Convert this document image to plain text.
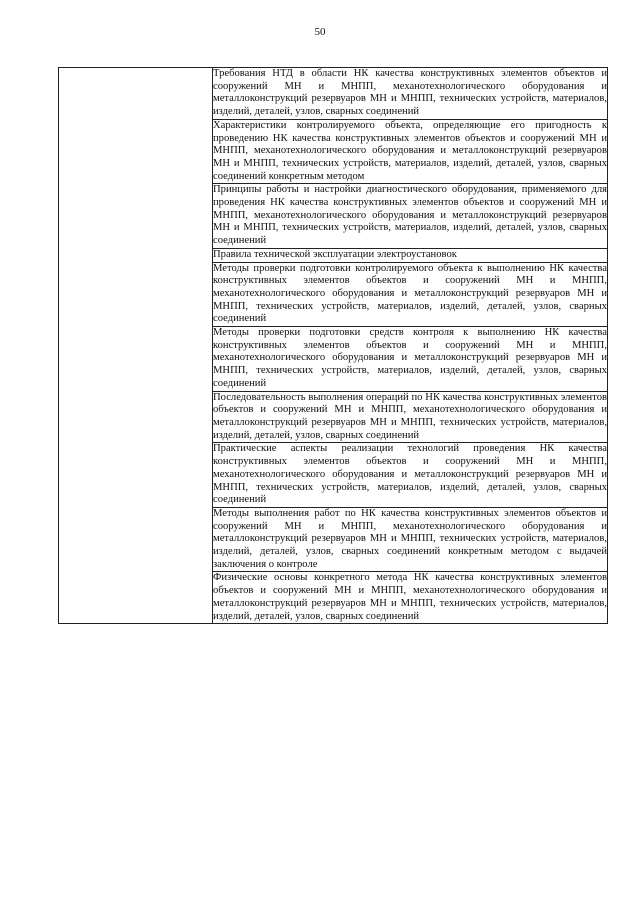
50

Требования НТД в области НК качества конструктивных элементов объектов и сооружений МН и МНПП, механотехнологического оборудования и металлоконструкций резервуаров МН и МНПП, технических устройств, материалов, изделий, деталей, узлов, сварных соединений

Характеристики контролируемого объекта, определяющие его пригодность к проведению НК качества конструктивных элементов объектов и сооружений МН и МНПП, механотехнологического оборудования и металлоконструкций резервуаров МН и МНПП, технических устройств, материалов, изделий, деталей, узлов, сварных соединений конкретным методом

Принципы работы и настройки диагностического оборудования, применяемого для проведения НК качества конструктивных элементов объектов и сооружений МН и МНПП, механотехнологического оборудования и металлоконструкций резервуаров МН и МНПП, технических устройств, материалов, изделий, деталей, узлов, сварных соединений

Правила технической эксплуатации электроустановок

Методы проверки подготовки контролируемого объекта к выполнению НК качества конструктивных элементов объектов и сооружений МН и МНПП, механотехнологического оборудования и металлоконструкций резервуаров МН и МНПП, технических устройств, материалов, изделий, деталей, узлов, сварных соединений

Методы проверки подготовки средств контроля к выполнению НК качества конструктивных элементов объектов и сооружений МН и МНПП, механотехнологического оборудования и металлоконструкций резервуаров МН и МНПП, технических устройств, материалов, изделий, деталей, узлов, сварных соединений

Последовательность выполнения операций по НК качества конструктивных элементов объектов и сооружений МН и МНПП, механотехнологического оборудования и металлоконструкций резервуаров МН и МНПП, технических устройств, материалов, изделий, деталей, узлов, сварных соединений

Практические аспекты реализации технологий проведения НК качества конструктивных элементов объектов и сооружений МН и МНПП, механотехнологического оборудования и металлоконструкций резервуаров МН и МНПП, технических устройств, материалов, изделий, деталей, узлов, сварных соединений

Методы выполнения работ по НК качества конструктивных элементов объектов и сооружений МН и МНПП, механотехнологического оборудования и металлоконструкций резервуаров МН и МНПП, технических устройств, материалов, изделий, деталей, узлов, сварных соединений конкретным методом с выдачей заключения о контроле

Физические основы конкретного метода НК качества конструктивных элементов объектов и сооружений МН и МНПП, механотехнологического оборудования и металлоконструкций резервуаров МН и МНПП, технических устройств, материалов, изделий, деталей, узлов, сварных соединений
